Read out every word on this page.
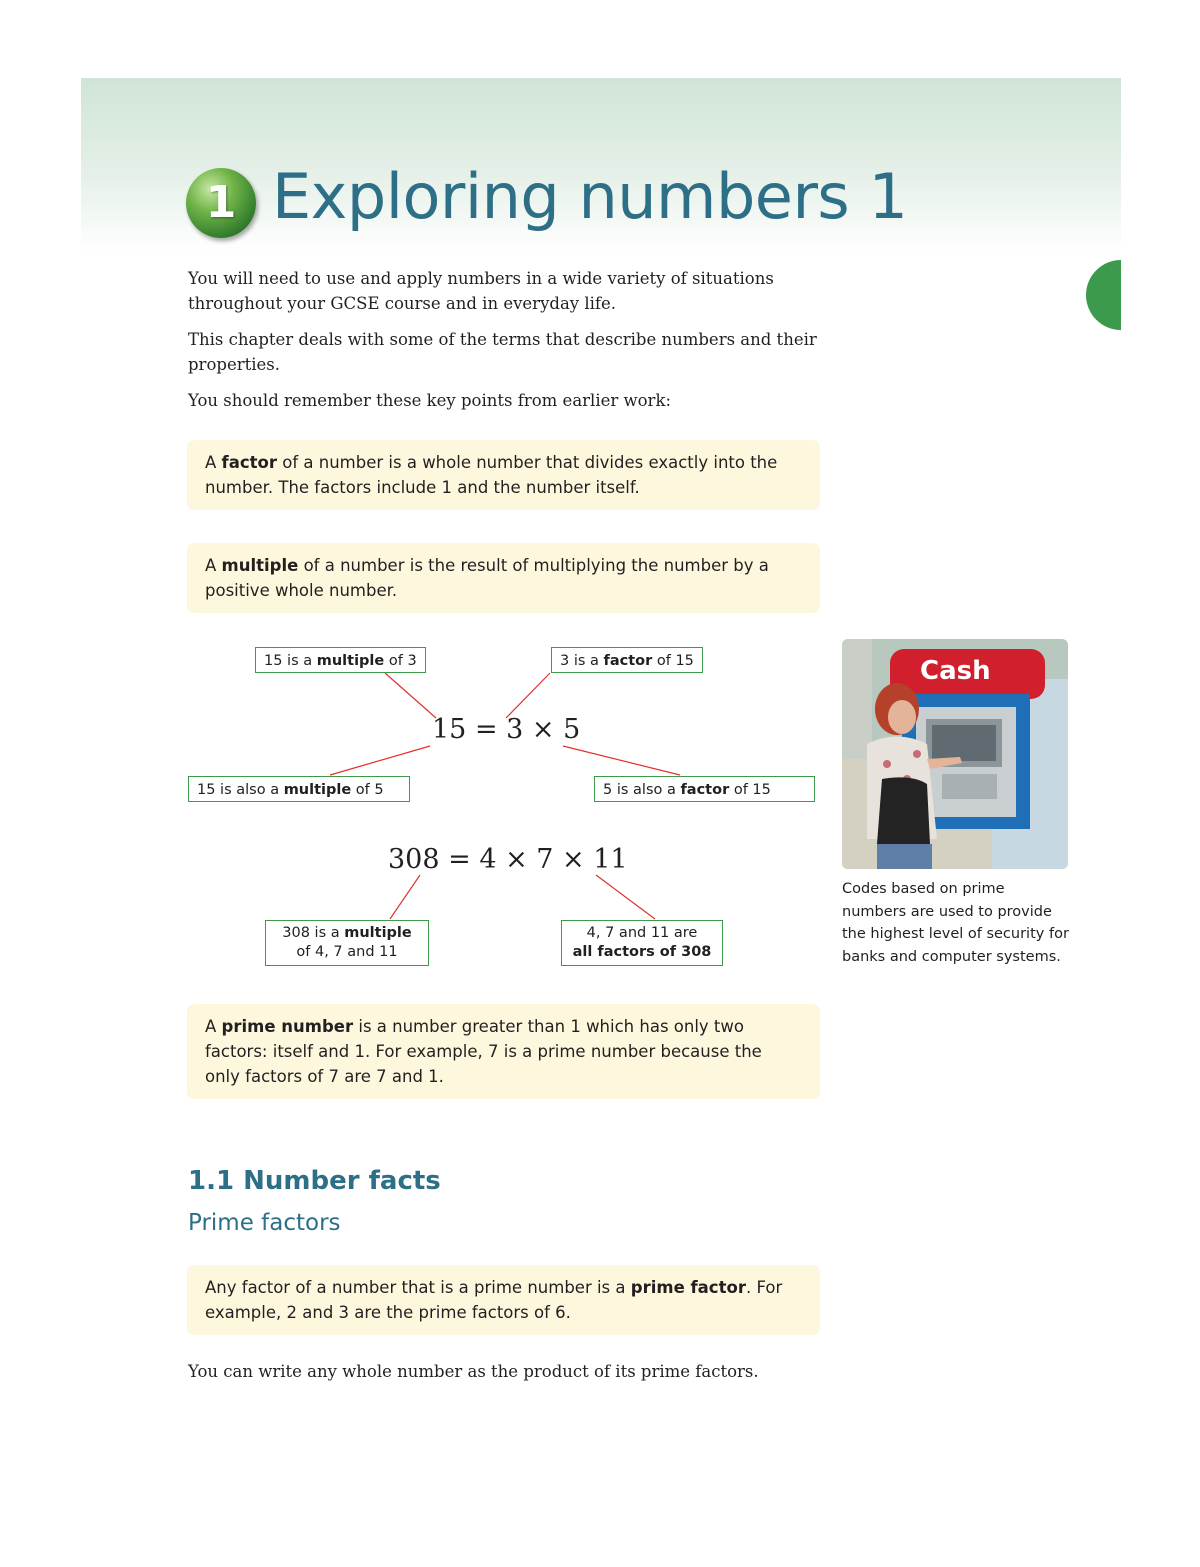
1 Exploring numbers 1

You will need to use and apply numbers in a wide variety of situations throughout your GCSE course and in everyday life.

This chapter deals with some of the terms that describe numbers and their properties.

You should remember these key points from earlier work:

A factor of a number is a whole number that divides exactly into the number. The factors include 1 and the number itself.
A multiple of a number is the result of multiplying the number by a positive whole number.
15 is a multiple of 3	3 is a factor of 15
15 = 3 × 5
15 is also a multiple of 5	5 is also a factor of 15
308 = 4 × 7 × 11
308 is a multiple
of 4, 7 and 11
4, 7 and 11 are
all factors of 308
A prime number is a number greater than 1 which has only two factors: itself and 1. For example, 7 is a prime number because the only factors of 7 are 7 and 1.
Cash

Codes based on prime numbers are used to provide the highest level of security for banks and computer systems.

1.1 Number facts
Prime factors
Any factor of a number that is a prime number is a prime factor. For example, 2 and 3 are the prime factors of 6.

You can write any whole number as the product of its prime factors.
